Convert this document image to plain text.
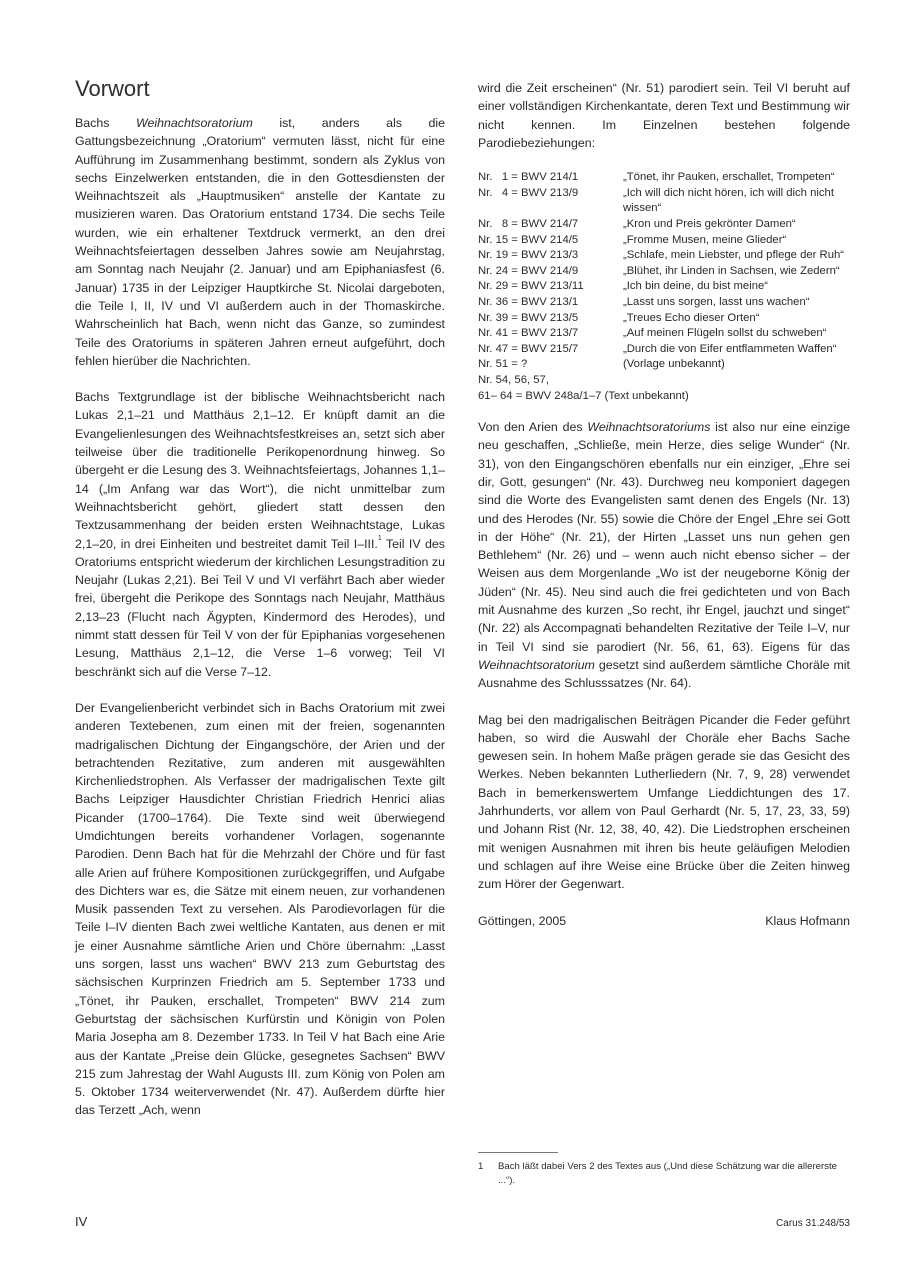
Vorwort

Bachs Weihnachtsoratorium ist, anders als die Gattungsbezeichnung „Oratorium“ vermuten lässt, nicht für eine Aufführung im Zusammenhang bestimmt, sondern als Zyklus von sechs Einzelwerken entstanden, die in den Gottesdiensten der Weihnachtszeit als „Hauptmusiken“ anstelle der Kantate zu musizieren waren. Das Oratorium entstand 1734. Die sechs Teile wurden, wie ein erhaltener Textdruck vermerkt, an den drei Weihnachtsfeiertagen desselben Jahres sowie am Neujahrstag, am Sonntag nach Neujahr (2. Januar) und am Epiphaniasfest (6. Januar) 1735 in der Leipziger Hauptkirche St. Nicolai dargeboten, die Teile I, II, IV und VI außerdem auch in der Thomaskirche. Wahrscheinlich hat Bach, wenn nicht das Ganze, so zumindest Teile des Oratoriums in späteren Jahren erneut aufgeführt, doch fehlen hierüber die Nachrichten.

Bachs Textgrundlage ist der biblische Weihnachtsbericht nach Lukas 2,1–21 und Matthäus 2,1–12. Er knüpft damit an die Evangelienlesungen des Weihnachtsfestkreises an, setzt sich aber teilweise über die traditionelle Perikopenordnung hinweg. So übergeht er die Lesung des 3. Weihnachtsfeiertags, Johannes 1,1–14 („Im Anfang war das Wort“), die nicht unmittelbar zum Weihnachtsbericht gehört, gliedert statt dessen den Textzusammenhang der beiden ersten Weihnachtstage, Lukas 2,1–20, in drei Einheiten und bestreitet damit Teil I–III.$^1$ Teil IV des Oratoriums entspricht wiederum der kirchlichen Lesungstradition zu Neujahr (Lukas 2,21). Bei Teil V und VI verfährt Bach aber wieder frei, übergeht die Perikope des Sonntags nach Neujahr, Matthäus 2,13–23 (Flucht nach Ägypten, Kindermord des Herodes), und nimmt statt dessen für Teil V von der für Epiphanias vorgesehenen Lesung, Matthäus 2,1–12, die Verse 1–6 vorweg; Teil VI beschränkt sich auf die Verse 7–12.

Der Evangelienbericht verbindet sich in Bachs Oratorium mit zwei anderen Textebenen, zum einen mit der freien, sogenannten madrigalischen Dichtung der Eingangschöre, der Arien und der betrachtenden Rezitative, zum anderen mit ausgewählten Kirchenliedstrophen. Als Verfasser der madrigalischen Texte gilt Bachs Leipziger Hausdichter Christian Friedrich Henrici alias Picander (1700–1764). Die Texte sind weit überwiegend Umdichtungen bereits vorhandener Vorlagen, sogenannte Parodien. Denn Bach hat für die Mehrzahl der Chöre und für fast alle Arien auf frühere Kompositionen zurückgegriffen, und Aufgabe des Dichters war es, die Sätze mit einem neuen, zur vorhandenen Musik passenden Text zu versehen. Als Parodievorlagen für die Teile I–IV dienten Bach zwei weltliche Kantaten, aus denen er mit je einer Ausnahme sämtliche Arien und Chöre übernahm: „Lasst uns sorgen, lasst uns wachen“ BWV 213 zum Geburtstag des sächsischen Kurprinzen Friedrich am 5. September 1733 und „Tönet, ihr Pauken, erschallet, Trompeten“ BWV 214 zum Geburtstag der sächsischen Kurfürstin und Königin von Polen Maria Josepha am 8. Dezember 1733. In Teil V hat Bach eine Arie aus der Kantate „Preise dein Glücke, gesegnetes Sachsen“ BWV 215 zum Jahrestag der Wahl Augusts III. zum König von Polen am 5. Oktober 1734 weiterverwendet (Nr. 47). Außerdem dürfte hier das Terzett „Ach, wenn

wird die Zeit erscheinen“ (Nr. 51) parodiert sein. Teil VI beruht auf einer vollständigen Kirchenkantate, deren Text und Bestimmung wir nicht kennen. Im Einzelnen bestehen folgende Parodiebeziehungen:

Nr.   1 = BWV 214/1	„Tönet, ihr Pauken, erschallet, Trompeten“
Nr.   4 = BWV 213/9	„Ich will dich nicht hören, ich will dich nicht wissen“
Nr.   8 = BWV 214/7	„Kron und Preis gekrönter Damen“
Nr. 15 = BWV 214/5	„Fromme Musen, meine Glieder“
Nr. 19 = BWV 213/3	„Schlafe, mein Liebster, und pflege der Ruh“
Nr. 24 = BWV 214/9	„Blühet, ihr Linden in Sachsen, wie Zedern“
Nr. 29 = BWV 213/11	„Ich bin deine, du bist meine“
Nr. 36 = BWV 213/1	„Lasst uns sorgen, lasst uns wachen“
Nr. 39 = BWV 213/5	„Treues Echo dieser Orten“
Nr. 41 = BWV 213/7	„Auf meinen Flügeln sollst du schweben“
Nr. 47 = BWV 215/7	„Durch die von Eifer entflammeten Waffen“
Nr. 51 = ?	(Vorlage unbekannt)
Nr. 54, 56, 57,
61– 64 = BWV 248a/1–7 (Text unbekannt)

Von den Arien des Weihnachtsoratoriums ist also nur eine einzige neu geschaffen, „Schließe, mein Herze, dies selige Wunder“ (Nr. 31), von den Eingangschören ebenfalls nur ein einziger, „Ehre sei dir, Gott, gesungen“ (Nr. 43). Durchweg neu komponiert dagegen sind die Worte des Evangelisten samt denen des Engels (Nr. 13) und des Herodes (Nr. 55) sowie die Chöre der Engel „Ehre sei Gott in der Höhe“ (Nr. 21), der Hirten „Lasset uns nun gehen gen Bethlehem“ (Nr. 26) und – wenn auch nicht ebenso sicher – der Weisen aus dem Morgenlande „Wo ist der neugeborne König der Jüden“ (Nr. 45). Neu sind auch die frei gedichteten und von Bach mit Ausnahme des kurzen „So recht, ihr Engel, jauchzt und singet“ (Nr. 22) als Accompagnati behandelten Rezitative der Teile I–V, nur in Teil VI sind sie parodiert (Nr. 56, 61, 63). Eigens für das Weihnachtsoratorium gesetzt sind außerdem sämtliche Choräle mit Ausnahme des Schlusssatzes (Nr. 64).

Mag bei den madrigalischen Beiträgen Picander die Feder geführt haben, so wird die Auswahl der Choräle eher Bachs Sache gewesen sein. In hohem Maße prägen gerade sie das Gesicht des Werkes. Neben bekannten Lutherliedern (Nr. 7, 9, 28) verwendet Bach in bemerkenswertem Umfange Lieddichtungen des 17. Jahrhunderts, vor allem von Paul Gerhardt (Nr. 5, 17, 23, 33, 59) und Johann Rist (Nr. 12, 38, 40, 42). Die Liedstrophen erscheinen mit wenigen Ausnahmen mit ihren bis heute geläufigen Melodien und schlagen auf ihre Weise eine Brücke über die Zeiten hinweg zum Hörer der Gegenwart.

Göttingen, 2005	Klaus Hofmann
1	Bach läßt dabei Vers 2 des Textes aus („Und diese Schätzung war die allererste ...“).
IV	Carus 31.248/53
